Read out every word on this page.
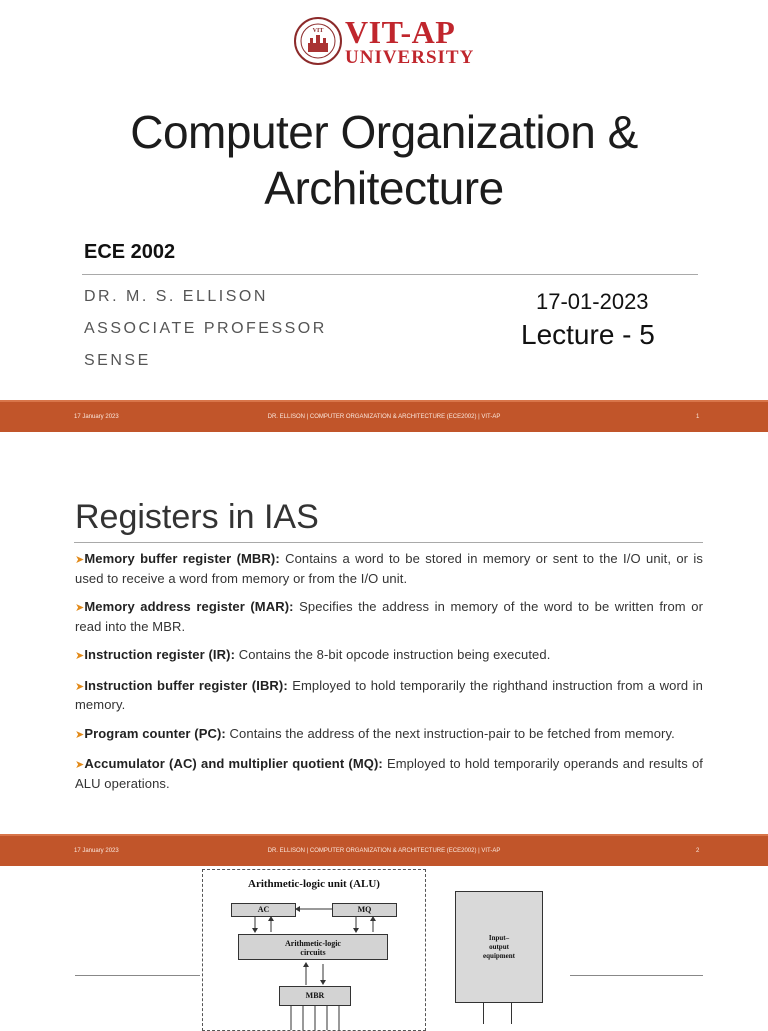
VIT VIT-AP
UNIVERSITY
Computer Organization &
Architecture
ECE 2002
DR. M. S. ELLISON
ASSOCIATE PROFESSOR
SENSE
17-01-2023
Lecture - 5
17 January 2023	DR. ELLISON | COMPUTER ORGANIZATION & ARCHITECTURE (ECE2002) | VIT-AP	1
Registers in IAS
➤Memory buffer register (MBR): Contains a word to be stored in memory or sent to the I/O unit, or is used to receive a word from memory or from the I/O unit.
➤Memory address register (MAR): Specifies the address in memory of the word to be written from or read into the MBR.
➤Instruction register (IR): Contains the 8-bit opcode instruction being executed.
➤Instruction buffer register (IBR): Employed to hold temporarily the righthand instruction from a word in memory.
➤Program counter (PC): Contains the address of the next instruction-pair to be fetched from memory.
➤Accumulator (AC) and multiplier quotient (MQ): Employed to hold temporarily operands and results of ALU operations.
17 January 2023	DR. ELLISON | COMPUTER ORGANIZATION & ARCHITECTURE (ECE2002) | VIT-AP	2
Arithmetic-logic unit (ALU)
AC	MQ
Arithmetic-logic
circuits
MBR
Input–
output
equipment
